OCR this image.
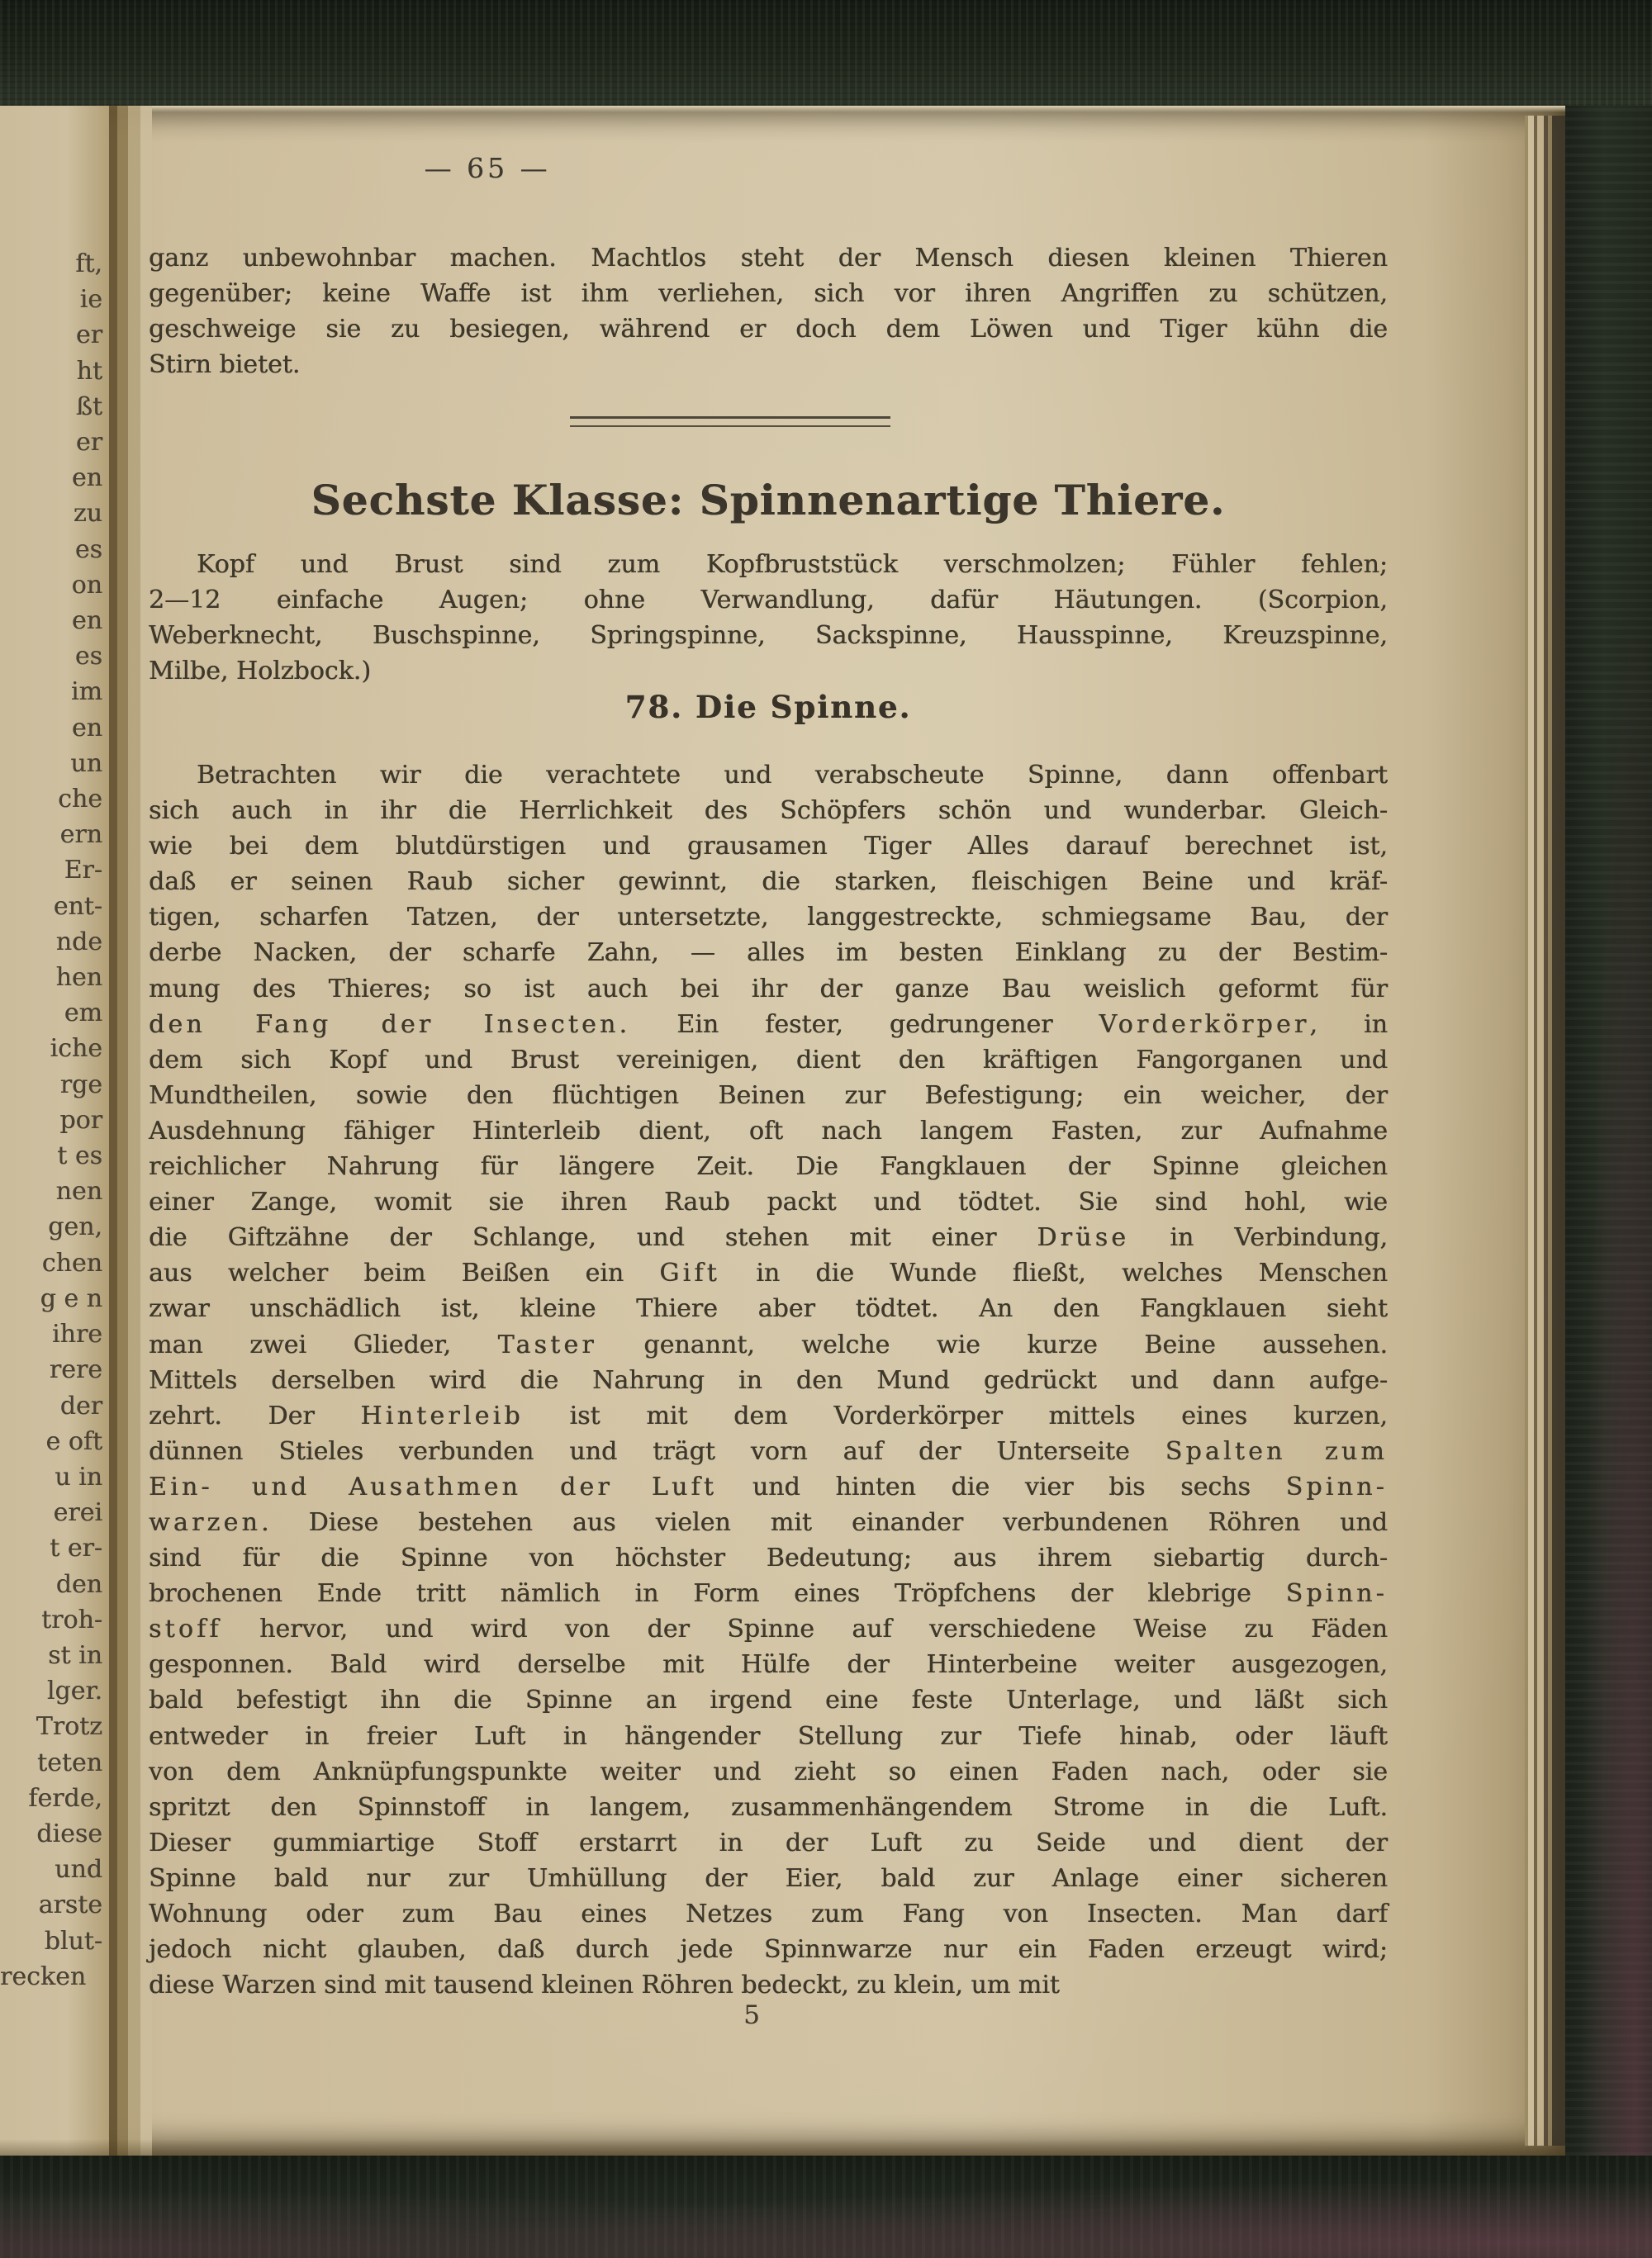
ft,
ie
er
ht
ßt
er
en
zu
es
on
en
es
im
en
un
che
ern
Er-
ent-
nde
hen
em
iche
rge
por
t es
nen
gen,
chen
g e n
ihre
rere
der
e oft
u in
erei
t er-
den
troh-
st in
lger.
Trotz
teten
ferde,
diese
und
arste
blut-
recken
— 65 —
ganz unbewohnbar machen. Machtlos steht der Mensch diesen kleinen Thieren
gegenüber; keine Waffe ist ihm verliehen, sich vor ihren Angriffen zu schützen,
geschweige sie zu besiegen, während er doch dem Löwen und Tiger kühn die
Stirn bietet.
Sechste Klasse: Spinnenartige Thiere.
Kopf und Brust sind zum Kopfbruststück verschmolzen; Fühler fehlen;
2—12 einfache Augen; ohne Verwandlung, dafür Häutungen. (Scorpion,
Weberknecht, Buschspinne, Springspinne, Sackspinne, Hausspinne, Kreuzspinne,
Milbe, Holzbock.)
78. Die Spinne.
Betrachten wir die verachtete und verabscheute Spinne, dann offenbart
sich auch in ihr die Herrlichkeit des Schöpfers schön und wunderbar. Gleich-
wie bei dem blutdürstigen und grausamen Tiger Alles darauf berechnet ist,
daß er seinen Raub sicher gewinnt, die starken, fleischigen Beine und kräf-
tigen, scharfen Tatzen, der untersetzte, langgestreckte, schmiegsame Bau, der
derbe Nacken, der scharfe Zahn, — alles im besten Einklang zu der Bestim-
mung des Thieres; so ist auch bei ihr der ganze Bau weislich geformt für
den Fang der Insecten. Ein fester, gedrungener Vorderkörper, in
dem sich Kopf und Brust vereinigen, dient den kräftigen Fangorganen und
Mundtheilen, sowie den flüchtigen Beinen zur Befestigung; ein weicher, der
Ausdehnung fähiger Hinterleib dient, oft nach langem Fasten, zur Aufnahme
reichlicher Nahrung für längere Zeit. Die Fangklauen der Spinne gleichen
einer Zange, womit sie ihren Raub packt und tödtet. Sie sind hohl, wie
die Giftzähne der Schlange, und stehen mit einer Drüse in Verbindung,
aus welcher beim Beißen ein Gift in die Wunde fließt, welches Menschen
zwar unschädlich ist, kleine Thiere aber tödtet. An den Fangklauen sieht
man zwei Glieder, Taster genannt, welche wie kurze Beine aussehen.
Mittels derselben wird die Nahrung in den Mund gedrückt und dann aufge-
zehrt. Der Hinterleib ist mit dem Vorderkörper mittels eines kurzen,
dünnen Stieles verbunden und trägt vorn auf der Unterseite Spalten zum
Ein- und Ausathmen der Luft und hinten die vier bis sechs Spinn-
warzen. Diese bestehen aus vielen mit einander verbundenen Röhren und
sind für die Spinne von höchster Bedeutung; aus ihrem siebartig durch-
brochenen Ende tritt nämlich in Form eines Tröpfchens der klebrige Spinn-
stoff hervor, und wird von der Spinne auf verschiedene Weise zu Fäden
gesponnen. Bald wird derselbe mit Hülfe der Hinterbeine weiter ausgezogen,
bald befestigt ihn die Spinne an irgend eine feste Unterlage, und läßt sich
entweder in freier Luft in hängender Stellung zur Tiefe hinab, oder läuft
von dem Anknüpfungspunkte weiter und zieht so einen Faden nach, oder sie
spritzt den Spinnstoff in langem, zusammenhängendem Strome in die Luft.
Dieser gummiartige Stoff erstarrt in der Luft zu Seide und dient der
Spinne bald nur zur Umhüllung der Eier, bald zur Anlage einer sicheren
Wohnung oder zum Bau eines Netzes zum Fang von Insecten. Man darf
jedoch nicht glauben, daß durch jede Spinnwarze nur ein Faden erzeugt wird;
diese Warzen sind mit tausend kleinen Röhren bedeckt, zu klein, um mit
5
